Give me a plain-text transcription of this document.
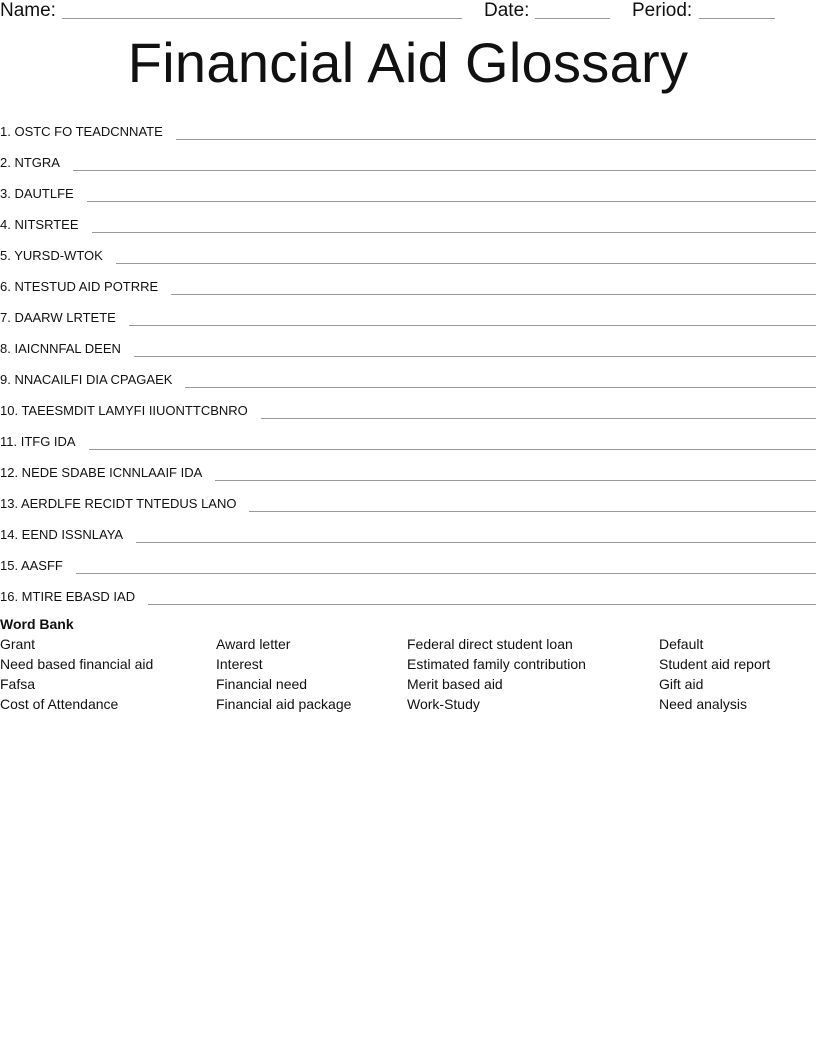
Name:	Date:	Period:
Financial Aid Glossary
1. OSTC FO TEADCNNATE
2. NTGRA
3. DAUTLFE
4. NITSRTEE
5. YURSD-WTOK
6. NTESTUD AID POTRRE
7. DAARW LRTETE
8. IAICNNFAL DEEN
9. NNACAILFI DIA CPAGAEK
10. TAEESMDIT LAMYFI IIUONTTCBNRO
11. ITFG IDA
12. NEDE SDABE ICNNLAAIF IDA
13. AERDLFE RECIDT TNTEDUS LANO
14. EEND ISSNLAYA
15. AASFF
16. MTIRE EBASD IAD
Word Bank
Grant
Need based financial aid
Fafsa
Cost of Attendance
Award letter
Interest
Financial need
Financial aid package
Federal direct student loan
Estimated family contribution
Merit based aid
Work-Study
Default
Student aid report
Gift aid
Need analysis
